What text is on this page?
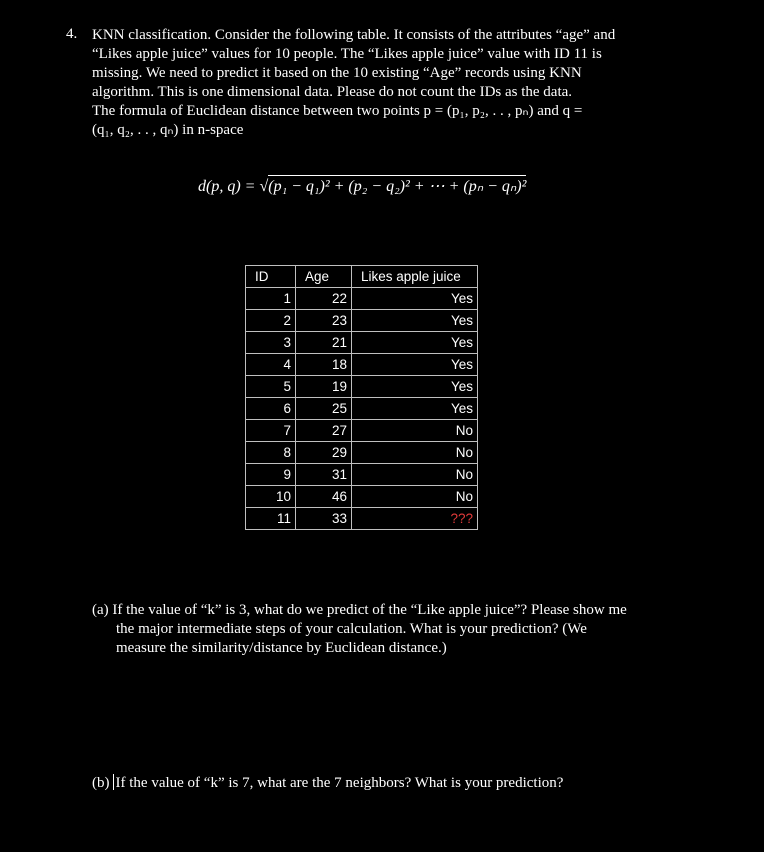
4. KNN classification. Consider the following table. It consists of the attributes “age” and
“Likes apple juice” values for 10 people. The “Likes apple juice” value with ID 11 is
missing. We need to predict it based on the 10 existing “Age” records using KNN
algorithm. This is one dimensional data. Please do not count the IDs as the data.
The formula of Euclidean distance between two points p = (p₁, p₂, . . , pₙ) and q =
(q₁, q₂, . . , qₙ) in n-space
d(p, q) = √(p₁ − q₁)² + (p₂ − q₂)² + ⋯ + (pₙ − qₙ)²
ID	Age	Likes apple juice
1	22	Yes
2	23	Yes
3	21	Yes
4	18	Yes
5	19	Yes
6	25	Yes
7	27	No
8	29	No
9	31	No
10	46	No
11	33	???
(a) If the value of “k” is 3, what do we predict of the “Like apple juice”? Please show me
the major intermediate steps of your calculation. What is your prediction? (We
measure the similarity/distance by Euclidean distance.)
(b) If the value of “k” is 7, what are the 7 neighbors? What is your prediction?
